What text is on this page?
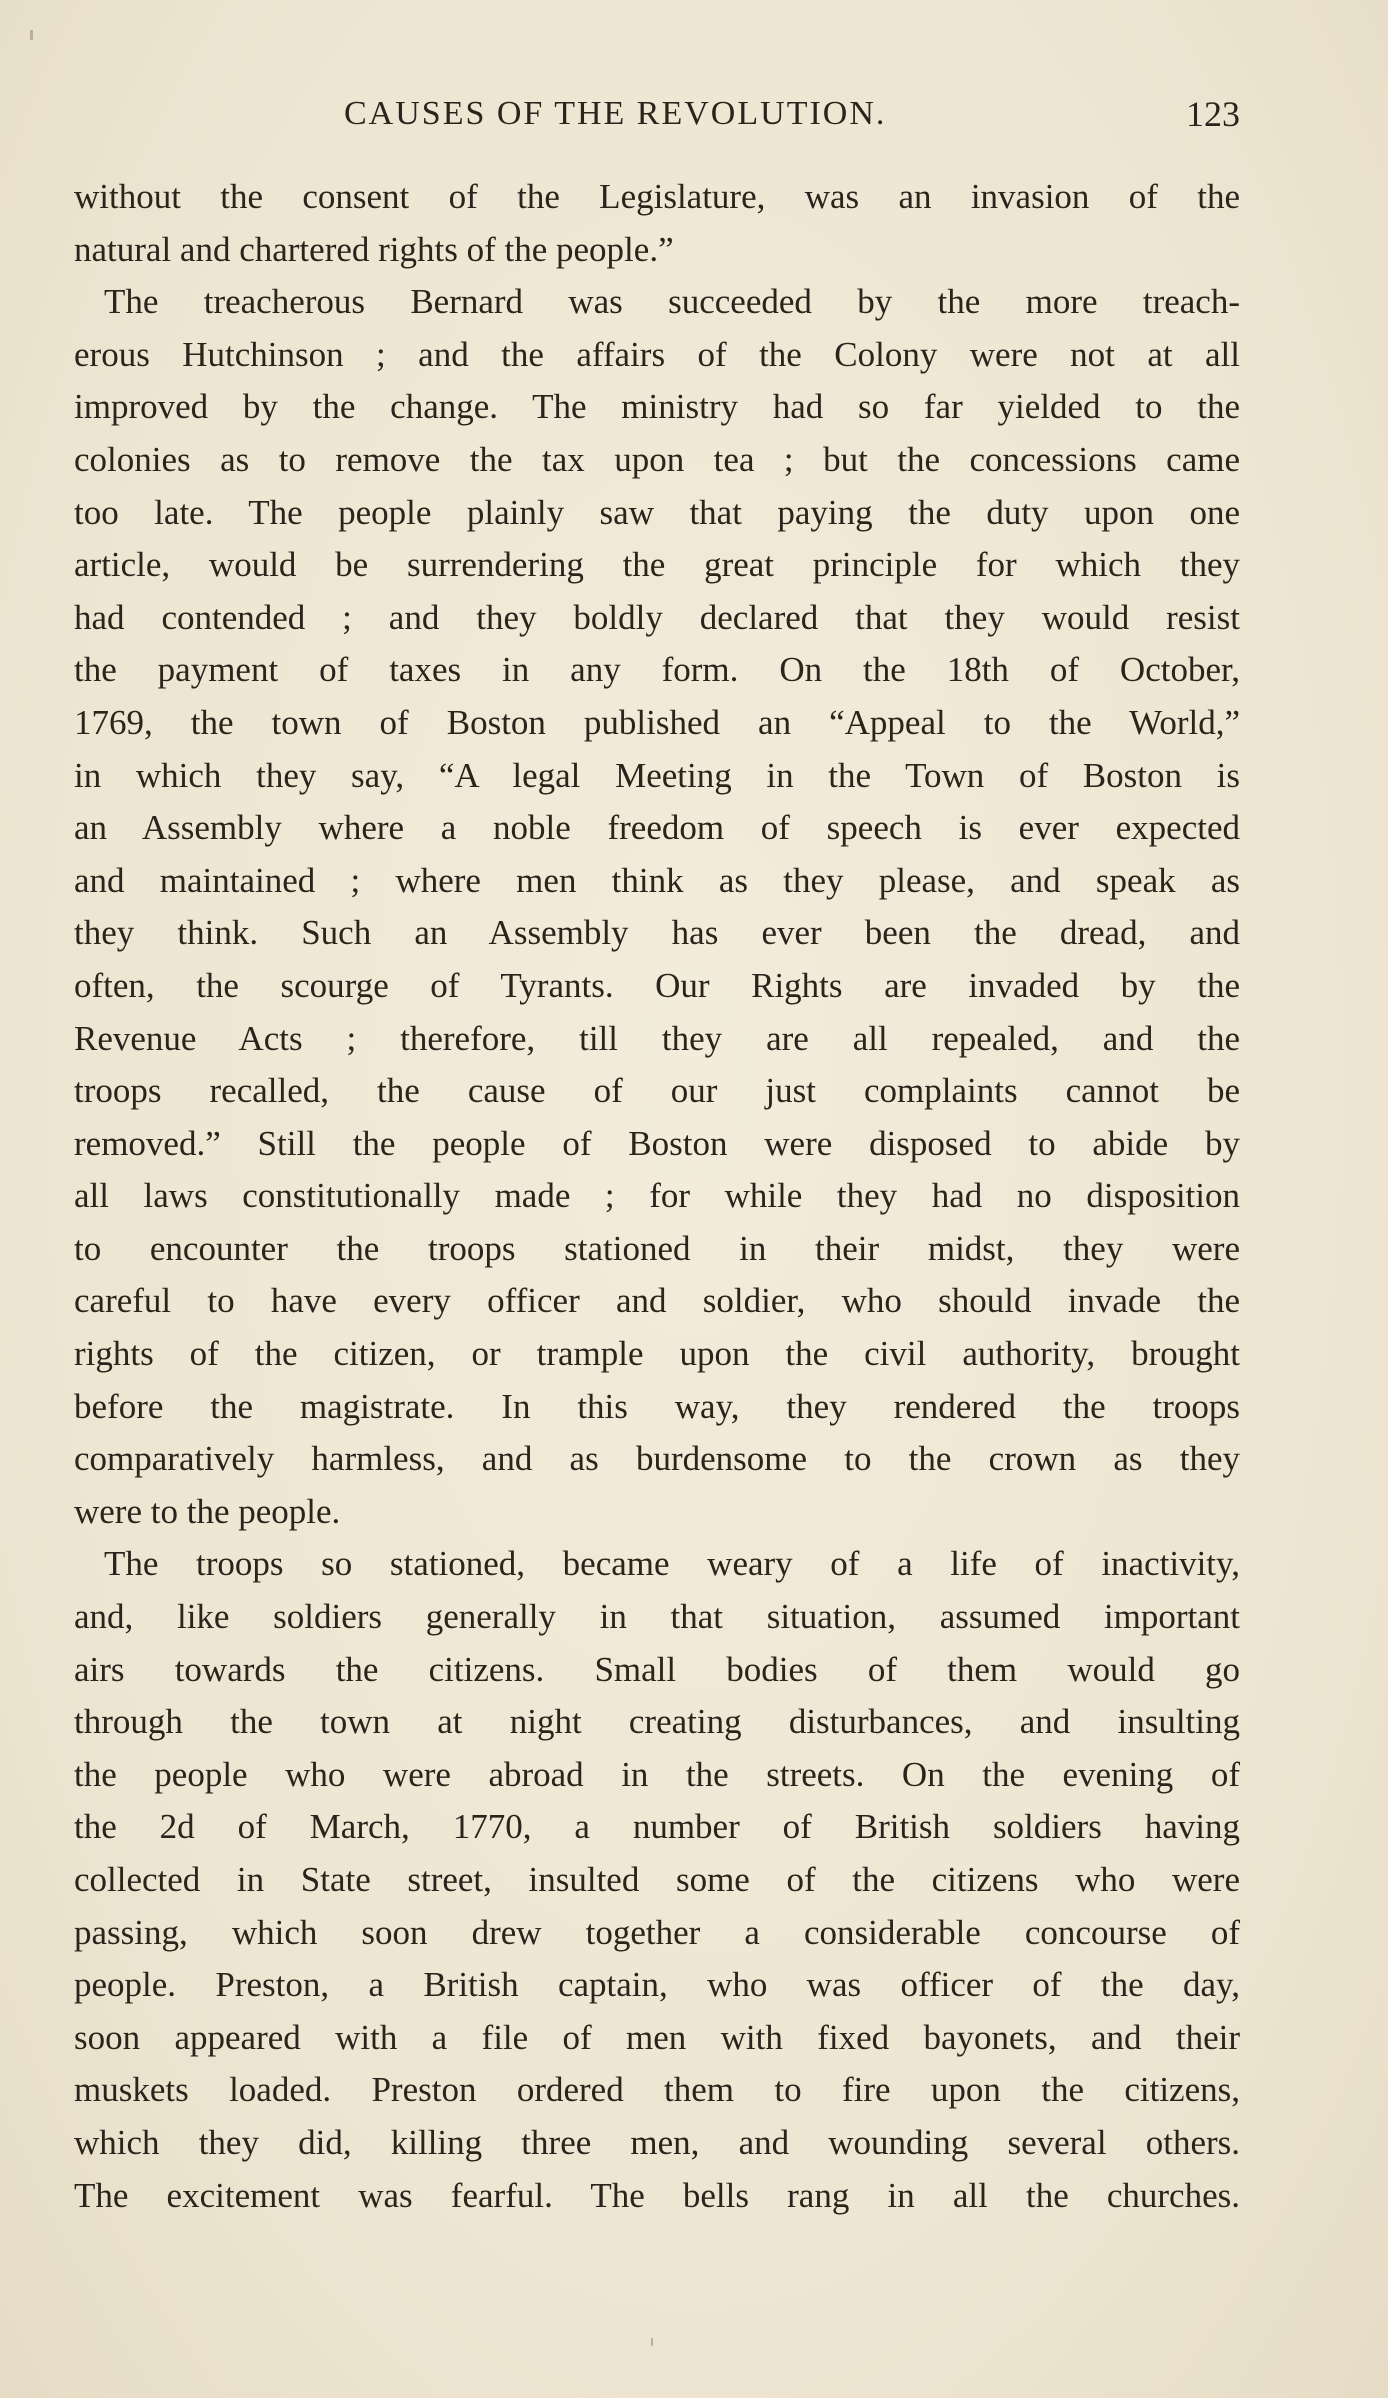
CAUSES OF THE REVOLUTION.	123
without the consent of the Legislature, was an invasion of the
natural and chartered rights of the people.”
The treacherous Bernard was succeeded by the more treach-
erous Hutchinson ; and the affairs of the Colony were not at all
improved by the change. The ministry had so far yielded to the
colonies as to remove the tax upon tea ; but the concessions came
too late. The people plainly saw that paying the duty upon one
article, would be surrendering the great principle for which they
had contended ; and they boldly declared that they would resist
the payment of taxes in any form. On the 18th of October,
1769, the town of Boston published an “Appeal to the World,”
in which they say, “A legal Meeting in the Town of Boston is
an Assembly where a noble freedom of speech is ever expected
and maintained ; where men think as they please, and speak as
they think. Such an Assembly has ever been the dread, and
often, the scourge of Tyrants. Our Rights are invaded by the
Revenue Acts ; therefore, till they are all repealed, and the
troops recalled, the cause of our just complaints cannot be
removed.” Still the people of Boston were disposed to abide by
all laws constitutionally made ; for while they had no disposition
to encounter the troops stationed in their midst, they were
careful to have every officer and soldier, who should invade the
rights of the citizen, or trample upon the civil authority, brought
before the magistrate. In this way, they rendered the troops
comparatively harmless, and as burdensome to the crown as they
were to the people.
The troops so stationed, became weary of a life of inactivity,
and, like soldiers generally in that situation, assumed important
airs towards the citizens. Small bodies of them would go
through the town at night creating disturbances, and insulting
the people who were abroad in the streets. On the evening of
the 2d of March, 1770, a number of British soldiers having
collected in State street, insulted some of the citizens who were
passing, which soon drew together a considerable concourse of
people. Preston, a British captain, who was officer of the day,
soon appeared with a file of men with fixed bayonets, and their
muskets loaded. Preston ordered them to fire upon the citizens,
which they did, killing three men, and wounding several others.
The excitement was fearful. The bells rang in all the churches.
